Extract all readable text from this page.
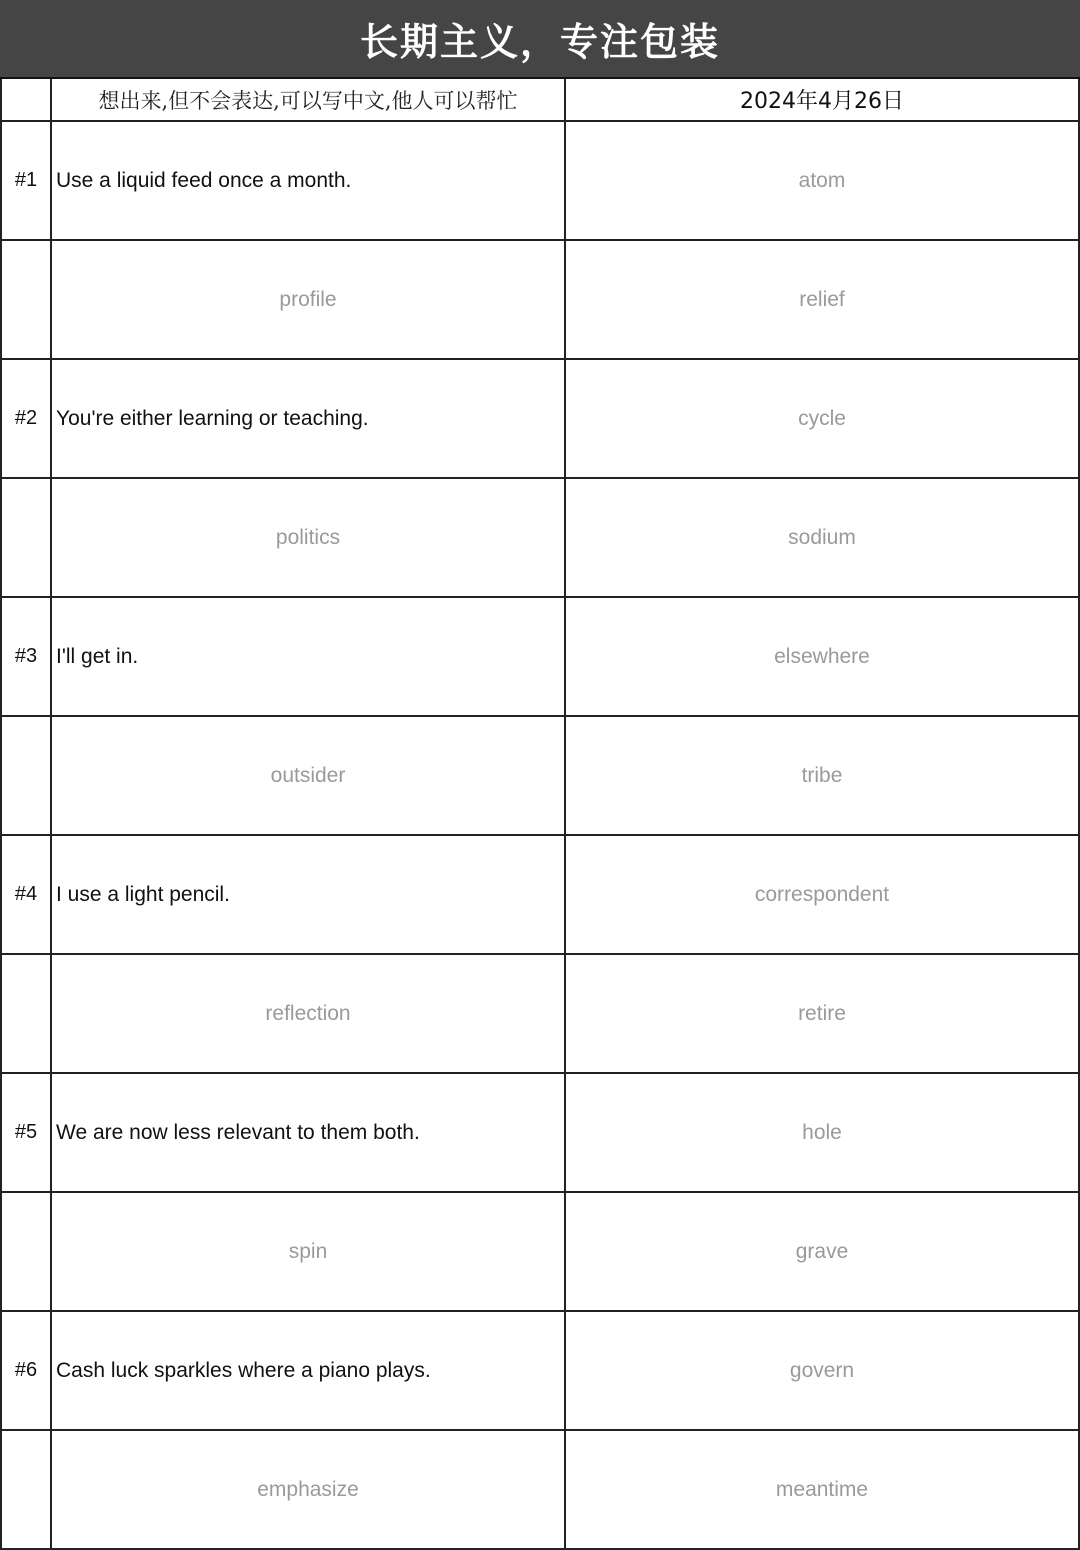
长期主义，专注包装
想出来,但不会表达,可以写中文,他人可以帮忙	2024年4月26日
#1 Use a liquid feed once a month.	atom
profile	relief
#2 You're either learning or teaching.	cycle
politics	sodium
#3 I'll get in.	elsewhere
outsider	tribe
#4 I use a light pencil.	correspondent
reflection	retire
#5 We are now less relevant to them both.	hole
spin	grave
#6 Cash luck sparkles where a piano plays.	govern
emphasize	meantime
